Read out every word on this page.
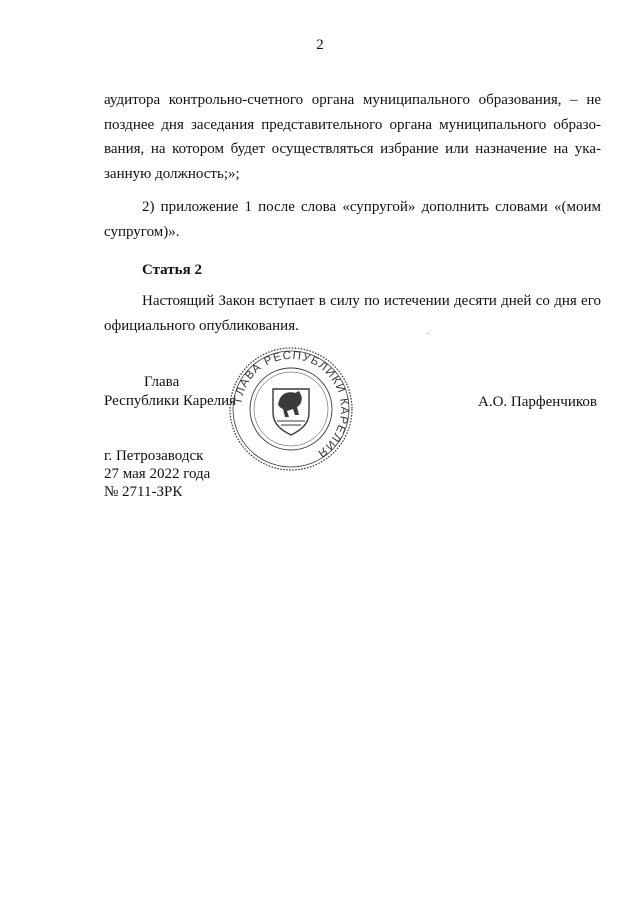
2
аудитора контрольно-счетного органа муниципального образования, – не
позднее дня заседания представительного органа муниципального образо-
вания, на котором будет осуществляться избрание или назначение на ука-
занную должность;»;
2) приложение 1 после слова «супругой» дополнить словами «(моим
супругом)».
Статья 2
Настоящий Закон вступает в силу по истечении десяти дней со дня его
официального опубликования.
Глава
Республики Карелия
ГЛАВА РЕСПУБЛИКИ КАРЕЛИЯ
А.О. Парфенчиков
г. Петрозаводск
27 мая 2022 года
№ 2711-ЗРК
